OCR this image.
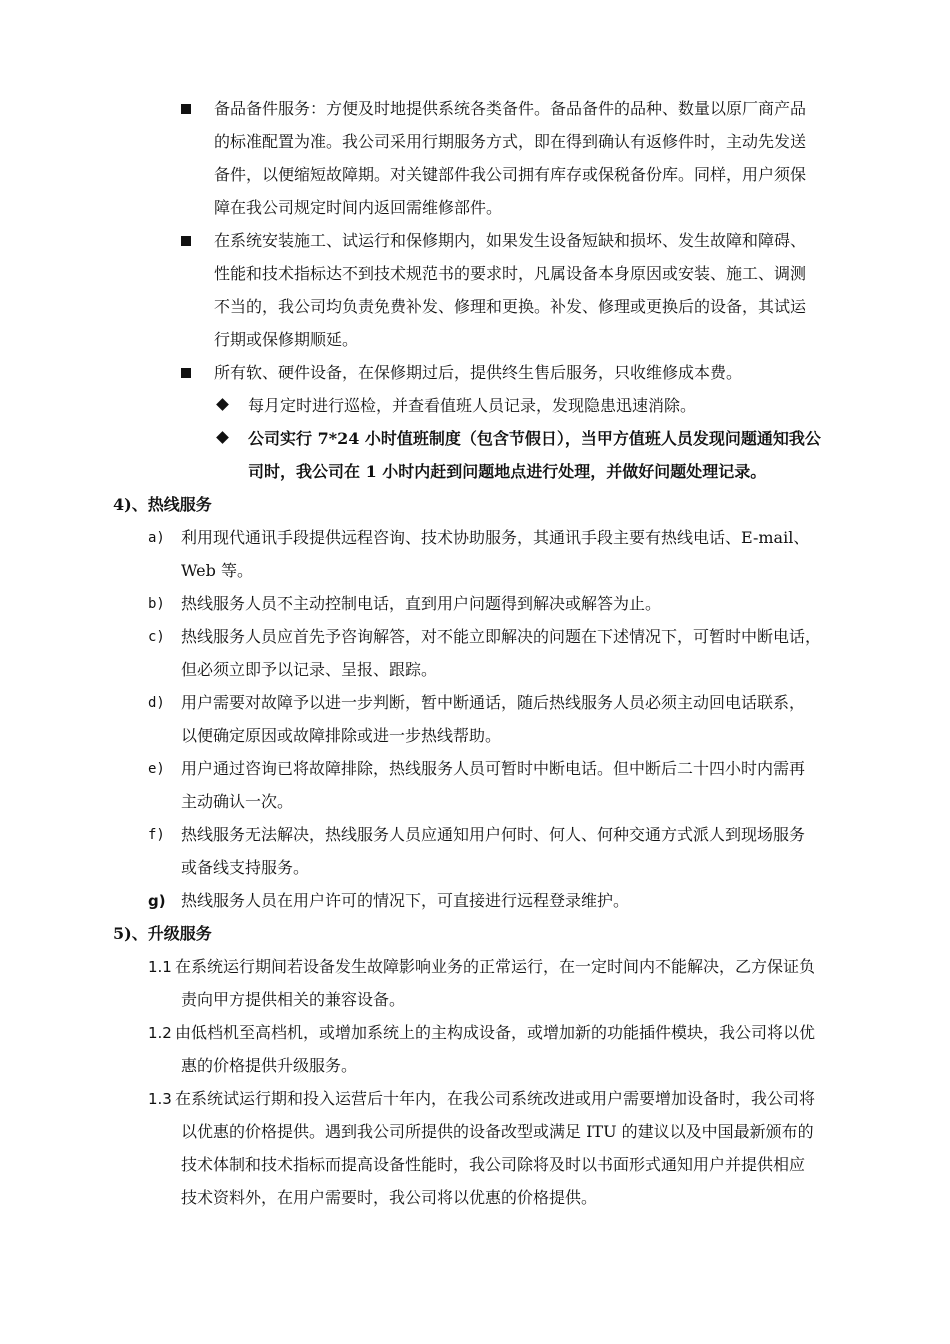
备品备件服务：方便及时地提供系统各类备件。备品备件的品种、数量以原厂商产品
的标准配置为准。我公司采用行期服务方式，即在得到确认有返修件时，主动先发送
备件，以便缩短故障期。对关键部件我公司拥有库存或保税备份库。同样，用户须保
障在我公司规定时间内返回需维修部件。
在系统安装施工、试运行和保修期内，如果发生设备短缺和损坏、发生故障和障碍、
性能和技术指标达不到技术规范书的要求时，凡属设备本身原因或安装、施工、调测
不当的，我公司均负责免费补发、修理和更换。补发、修理或更换后的设备，其试运
行期或保修期顺延。
所有软、硬件设备，在保修期过后，提供终生售后服务，只收维修成本费。
每月定时进行巡检，并查看值班人员记录，发现隐患迅速消除。
公司实行 7*24 小时值班制度（包含节假日），当甲方值班人员发现问题通知我公
司时，我公司在 1 小时内赶到问题地点进行处理，并做好问题处理记录。
4)、热线服务
a) 利用现代通讯手段提供远程咨询、技术协助服务，其通讯手段主要有热线电话、E-mail、
Web 等。
b) 热线服务人员不主动控制电话，直到用户问题得到解决或解答为止。
c) 热线服务人员应首先予咨询解答，对不能立即解决的问题在下述情况下，可暂时中断电话，
但必须立即予以记录、呈报、跟踪。
d) 用户需要对故障予以进一步判断，暂中断通话，随后热线服务人员必须主动回电话联系，
以便确定原因或故障排除或进一步热线帮助。
e) 用户通过咨询已将故障排除，热线服务人员可暂时中断电话。但中断后二十四小时内需再
主动确认一次。
f) 热线服务无法解决，热线服务人员应通知用户何时、何人、何种交通方式派人到现场服务
或备线支持服务。
g) 热线服务人员在用户许可的情况下，可直接进行远程登录维护。
5)、升级服务
1.1 在系统运行期间若设备发生故障影响业务的正常运行，在一定时间内不能解决，乙方保证负
责向甲方提供相关的兼容设备。
1.2 由低档机至高档机，或增加系统上的主构成设备，或增加新的功能插件模块，我公司将以优
惠的价格提供升级服务。
1.3 在系统试运行期和投入运营后十年内，在我公司系统改进或用户需要增加设备时，我公司将
以优惠的价格提供。遇到我公司所提供的设备改型或满足 ITU 的建议以及中国最新颁布的
技术体制和技术指标而提高设备性能时，我公司除将及时以书面形式通知用户并提供相应
技术资料外，在用户需要时，我公司将以优惠的价格提供。
